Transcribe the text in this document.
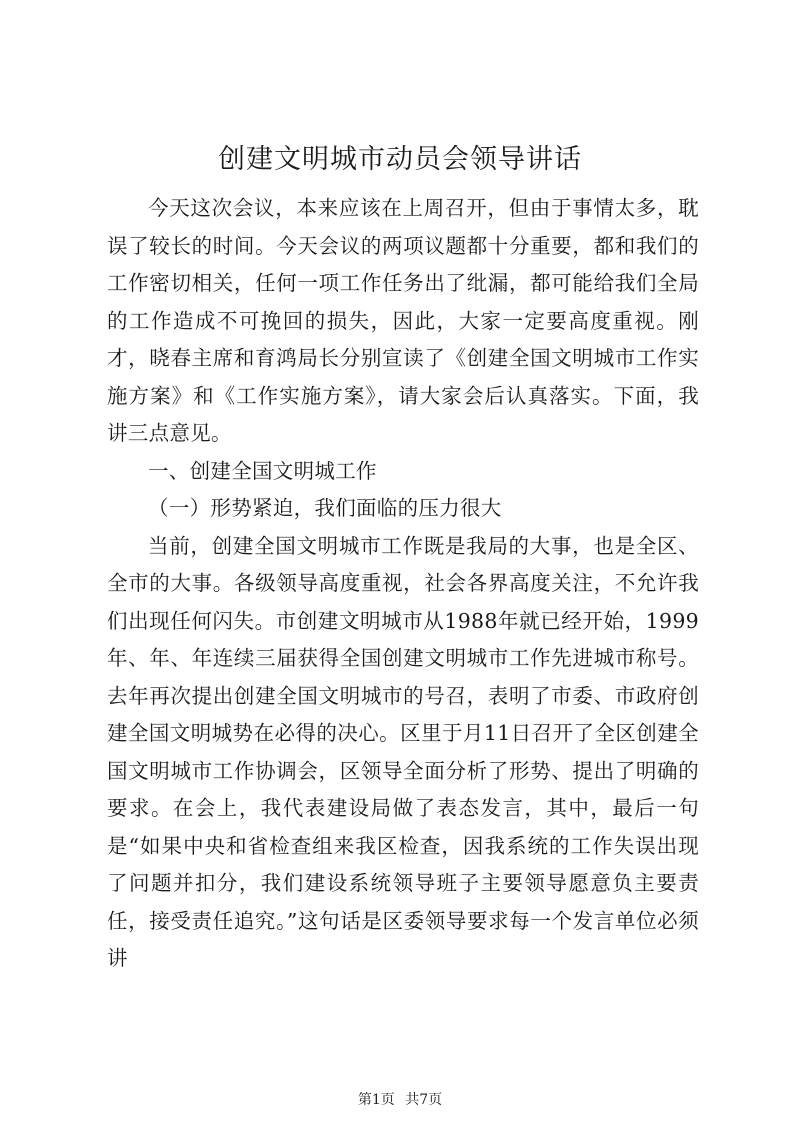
创建文明城市动员会领导讲话

今天这次会议，本来应该在上周召开，但由于事情太多，耽误了较长的时间。今天会议的两项议题都十分重要，都和我们的工作密切相关，任何一项工作任务出了纰漏，都可能给我们全局的工作造成不可挽回的损失，因此，大家一定要高度重视。刚才，晓春主席和育鸿局长分别宣读了《创建全国文明城市工作实施方案》和《工作实施方案》，请大家会后认真落实。下面，我讲三点意见。

一、创建全国文明城工作

（一）形势紧迫，我们面临的压力很大

当前，创建全国文明城市工作既是我局的大事，也是全区、全市的大事。各级领导高度重视，社会各界高度关注，不允许我们出现任何闪失。市创建文明城市从1988年就已经开始，1999年、年、年连续三届获得全国创建文明城市工作先进城市称号。去年再次提出创建全国文明城市的号召，表明了市委、市政府创建全国文明城势在必得的决心。区里于月11日召开了全区创建全国文明城市工作协调会，区领导全面分析了形势、提出了明确的要求。在会上，我代表建设局做了表态发言，其中，最后一句是“如果中央和省检查组来我区检查，因我系统的工作失误出现了问题并扣分，我们建设系统领导班子主要领导愿意负主要责任，接受责任追究。”这句话是区委领导要求每一个发言单位必须讲

第1页 共7页
